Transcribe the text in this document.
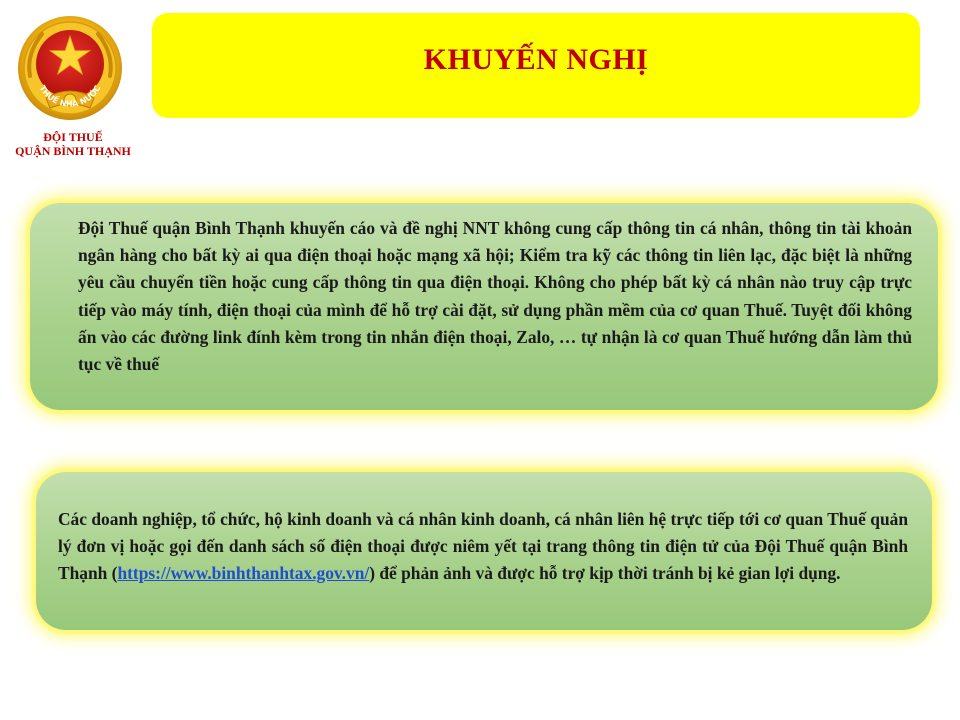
THUẾ NHÀ NƯỚC
ĐỘI THUẾ
QUẬN BÌNH THẠNH
KHUYẾN NGHỊ

Đội Thuế quận Bình Thạnh khuyến cáo và đề nghị NNT không cung cấp thông tin cá nhân, thông tin tài khoản ngân hàng cho bất kỳ ai qua điện thoại hoặc mạng xã hội; Kiểm tra kỹ các thông tin liên lạc, đặc biệt là những yêu cầu chuyển tiền hoặc cung cấp thông tin qua điện thoại. Không cho phép bất kỳ cá nhân nào truy cập trực tiếp vào máy tính, điện thoại của mình để hỗ trợ cài đặt, sử dụng phần mềm của cơ quan Thuế. Tuyệt đối không ấn vào các đường link đính kèm trong tin nhắn điện thoại, Zalo, … tự nhận là cơ quan Thuế hướng dẫn làm thủ tục về thuế

Các doanh nghiệp, tổ chức, hộ kinh doanh và cá nhân kinh doanh, cá nhân liên hệ trực tiếp tới cơ quan Thuế quản lý đơn vị hoặc gọi đến danh sách số điện thoại được niêm yết tại trang thông tin điện tử của Đội Thuế quận Bình Thạnh (https://www.binhthanhtax.gov.vn/) để phản ảnh và được hỗ trợ kịp thời tránh bị kẻ gian lợi dụng.
